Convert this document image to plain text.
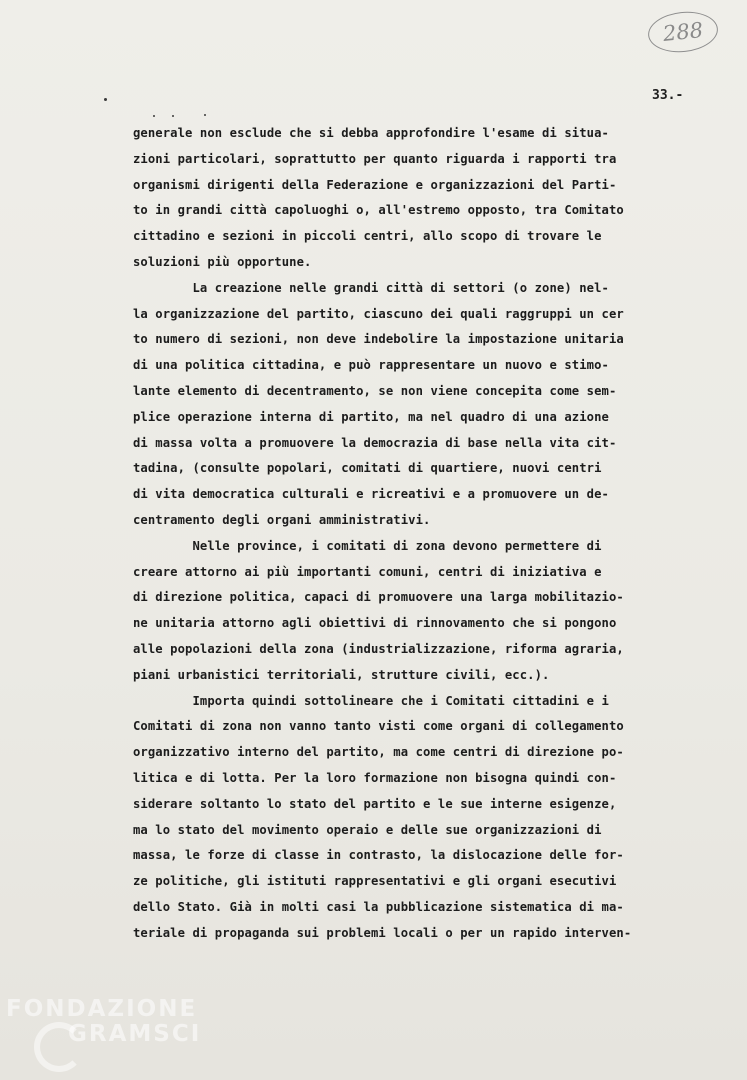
288
33.-
generale non esclude che si debba approfondire l'esame di situa-
zioni particolari, soprattutto per quanto riguarda i rapporti tra
organismi dirigenti della Federazione e organizzazioni del Parti-
to in grandi città capoluoghi o, all'estremo opposto, tra Comitato
cittadino e sezioni in piccoli centri, allo scopo di trovare le
soluzioni più opportune.
La creazione nelle grandi città di settori (o zone) nel-
la organizzazione del partito, ciascuno dei quali raggruppi un cer
to numero di sezioni, non deve indebolire la impostazione unitaria
di una politica cittadina, e può rappresentare un nuovo e stimo-
lante elemento di decentramento, se non viene concepita come sem-
plice operazione interna di partito, ma nel quadro di una azione
di massa volta a promuovere la democrazia di base nella vita cit-
tadina, (consulte popolari, comitati di quartiere, nuovi centri
di vita democratica culturali e ricreativi e a promuovere un de-
centramento degli organi amministrativi.
Nelle province, i comitati di zona devono permettere di
creare attorno ai più importanti comuni, centri di iniziativa e
di direzione politica, capaci di promuovere una larga mobilitazio-
ne unitaria attorno agli obiettivi di rinnovamento che si pongono
alle popolazioni della zona (industrializzazione, riforma agraria,
piani urbanistici territoriali, strutture civili, ecc.).
Importa quindi sottolineare che i Comitati cittadini e i
Comitati di zona non vanno tanto visti come organi di collegamento
organizzativo interno del partito, ma come centri di direzione po-
litica e di lotta. Per la loro formazione non bisogna quindi con-
siderare soltanto lo stato del partito e le sue interne esigenze,
ma lo stato del movimento operaio e delle sue organizzazioni di
massa, le forze di classe in contrasto, la dislocazione delle for-
ze politiche, gli istituti rappresentativi e gli organi esecutivi
dello Stato. Già in molti casi la pubblicazione sistematica di ma-
teriale di propaganda sui problemi locali o per un rapido interven-
FONDAZIONE
GRAMSCI
